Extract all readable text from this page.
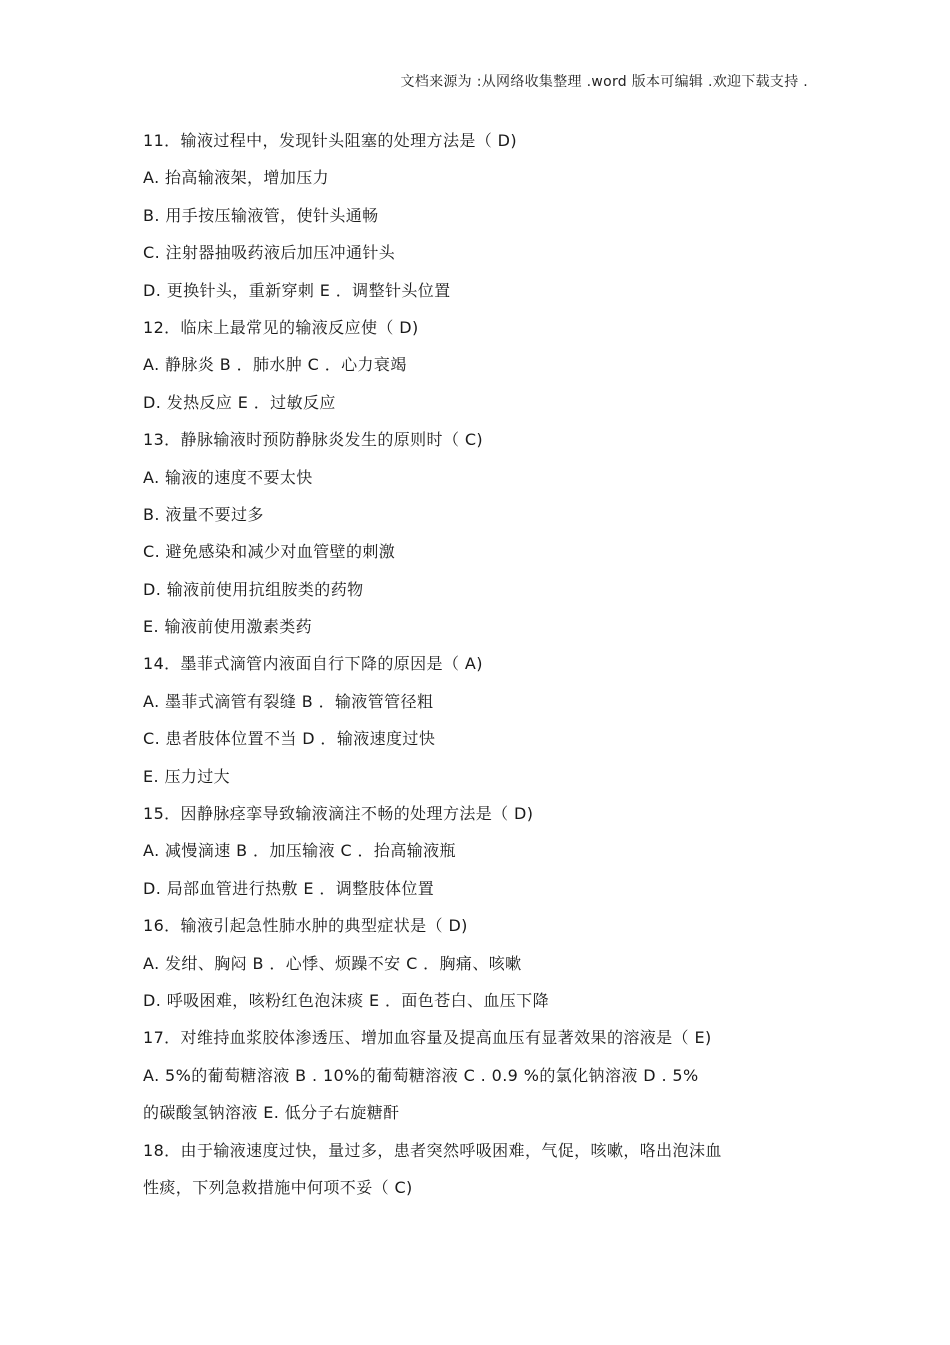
文档来源为 :从网络收集整理 .word 版本可编辑 .欢迎下载支持 .
11．输液过程中，发现针头阻塞的处理方法是（ D)
A. 抬高输液架，增加压力
B. 用手按压输液管，使针头通畅
C. 注射器抽吸药液后加压冲通针头
D. 更换针头，重新穿刺 E ．调整针头位置
12．临床上最常见的输液反应使（ D)
A. 静脉炎 B ．肺水肿 C ．心力衰竭
D. 发热反应 E ．过敏反应
13．静脉输液时预防静脉炎发生的原则时（ C)
A. 输液的速度不要太快
B. 液量不要过多
C. 避免感染和减少对血管壁的刺激
D. 输液前使用抗组胺类的药物
E. 输液前使用激素类药
14．墨菲式滴管内液面自行下降的原因是（ A)
A. 墨菲式滴管有裂缝 B ．输液管管径粗
C. 患者肢体位置不当 D ．输液速度过快
E. 压力过大
15．因静脉痉挛导致输液滴注不畅的处理方法是（ D)
A. 减慢滴速 B ．加压输液 C ．抬高输液瓶
D. 局部血管进行热敷 E ．调整肢体位置
16．输液引起急性肺水肿的典型症状是（ D)
A. 发绀、胸闷 B ．心悸、烦躁不安 C ．胸痛、咳嗽
D. 呼吸困难，咳粉红色泡沫痰 E ．面色苍白、血压下降
17．对维持血浆胶体渗透压、增加血容量及提高血压有显著效果的溶液是（ E)
A. 5%的葡萄糖溶液 B . 10%的葡萄糖溶液 C . 0.9 %的氯化钠溶液 D . 5%
的碳酸氢钠溶液 E. 低分子右旋糖酐
18．由于输液速度过快，量过多，患者突然呼吸困难，气促，咳嗽，咯出泡沫血
性痰，下列急救措施中何项不妥（ C)
